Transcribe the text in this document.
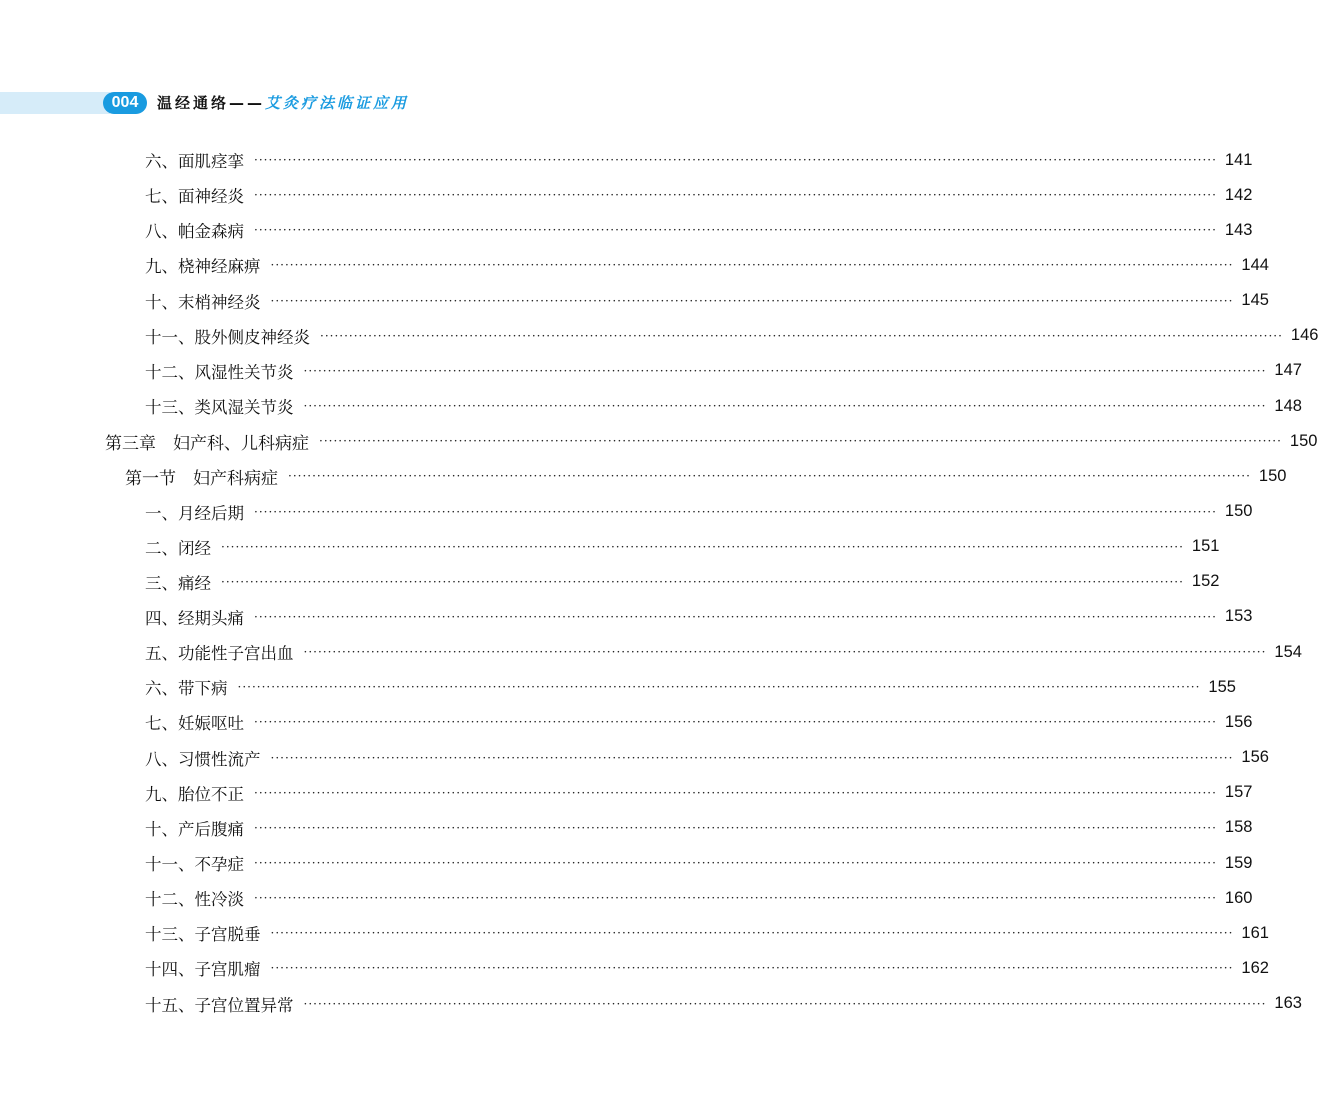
004	温经通络——艾灸疗法临证应用
六、面肌痉挛 ········································································································································································································ 141
七、面神经炎 ········································································································································································································ 142
八、帕金森病 ········································································································································································································ 143
九、桡神经麻痹 ········································································································································································································ 144
十、末梢神经炎 ········································································································································································································ 145
十一、股外侧皮神经炎 ········································································································································································································ 146
十二、风湿性关节炎 ········································································································································································································ 147
十三、类风湿关节炎 ········································································································································································································ 148
第三章　妇产科、儿科病症 ········································································································································································································ 150
第一节　妇产科病症 ········································································································································································································ 150
一、月经后期 ········································································································································································································ 150
二、闭经 ········································································································································································································ 151
三、痛经 ········································································································································································································ 152
四、经期头痛 ········································································································································································································ 153
五、功能性子宫出血 ········································································································································································································ 154
六、带下病 ········································································································································································································ 155
七、妊娠呕吐 ········································································································································································································ 156
八、习惯性流产 ········································································································································································································ 156
九、胎位不正 ········································································································································································································ 157
十、产后腹痛 ········································································································································································································ 158
十一、不孕症 ········································································································································································································ 159
十二、性冷淡 ········································································································································································································ 160
十三、子宫脱垂 ········································································································································································································ 161
十四、子宫肌瘤 ········································································································································································································ 162
十五、子宫位置异常 ········································································································································································································ 163
